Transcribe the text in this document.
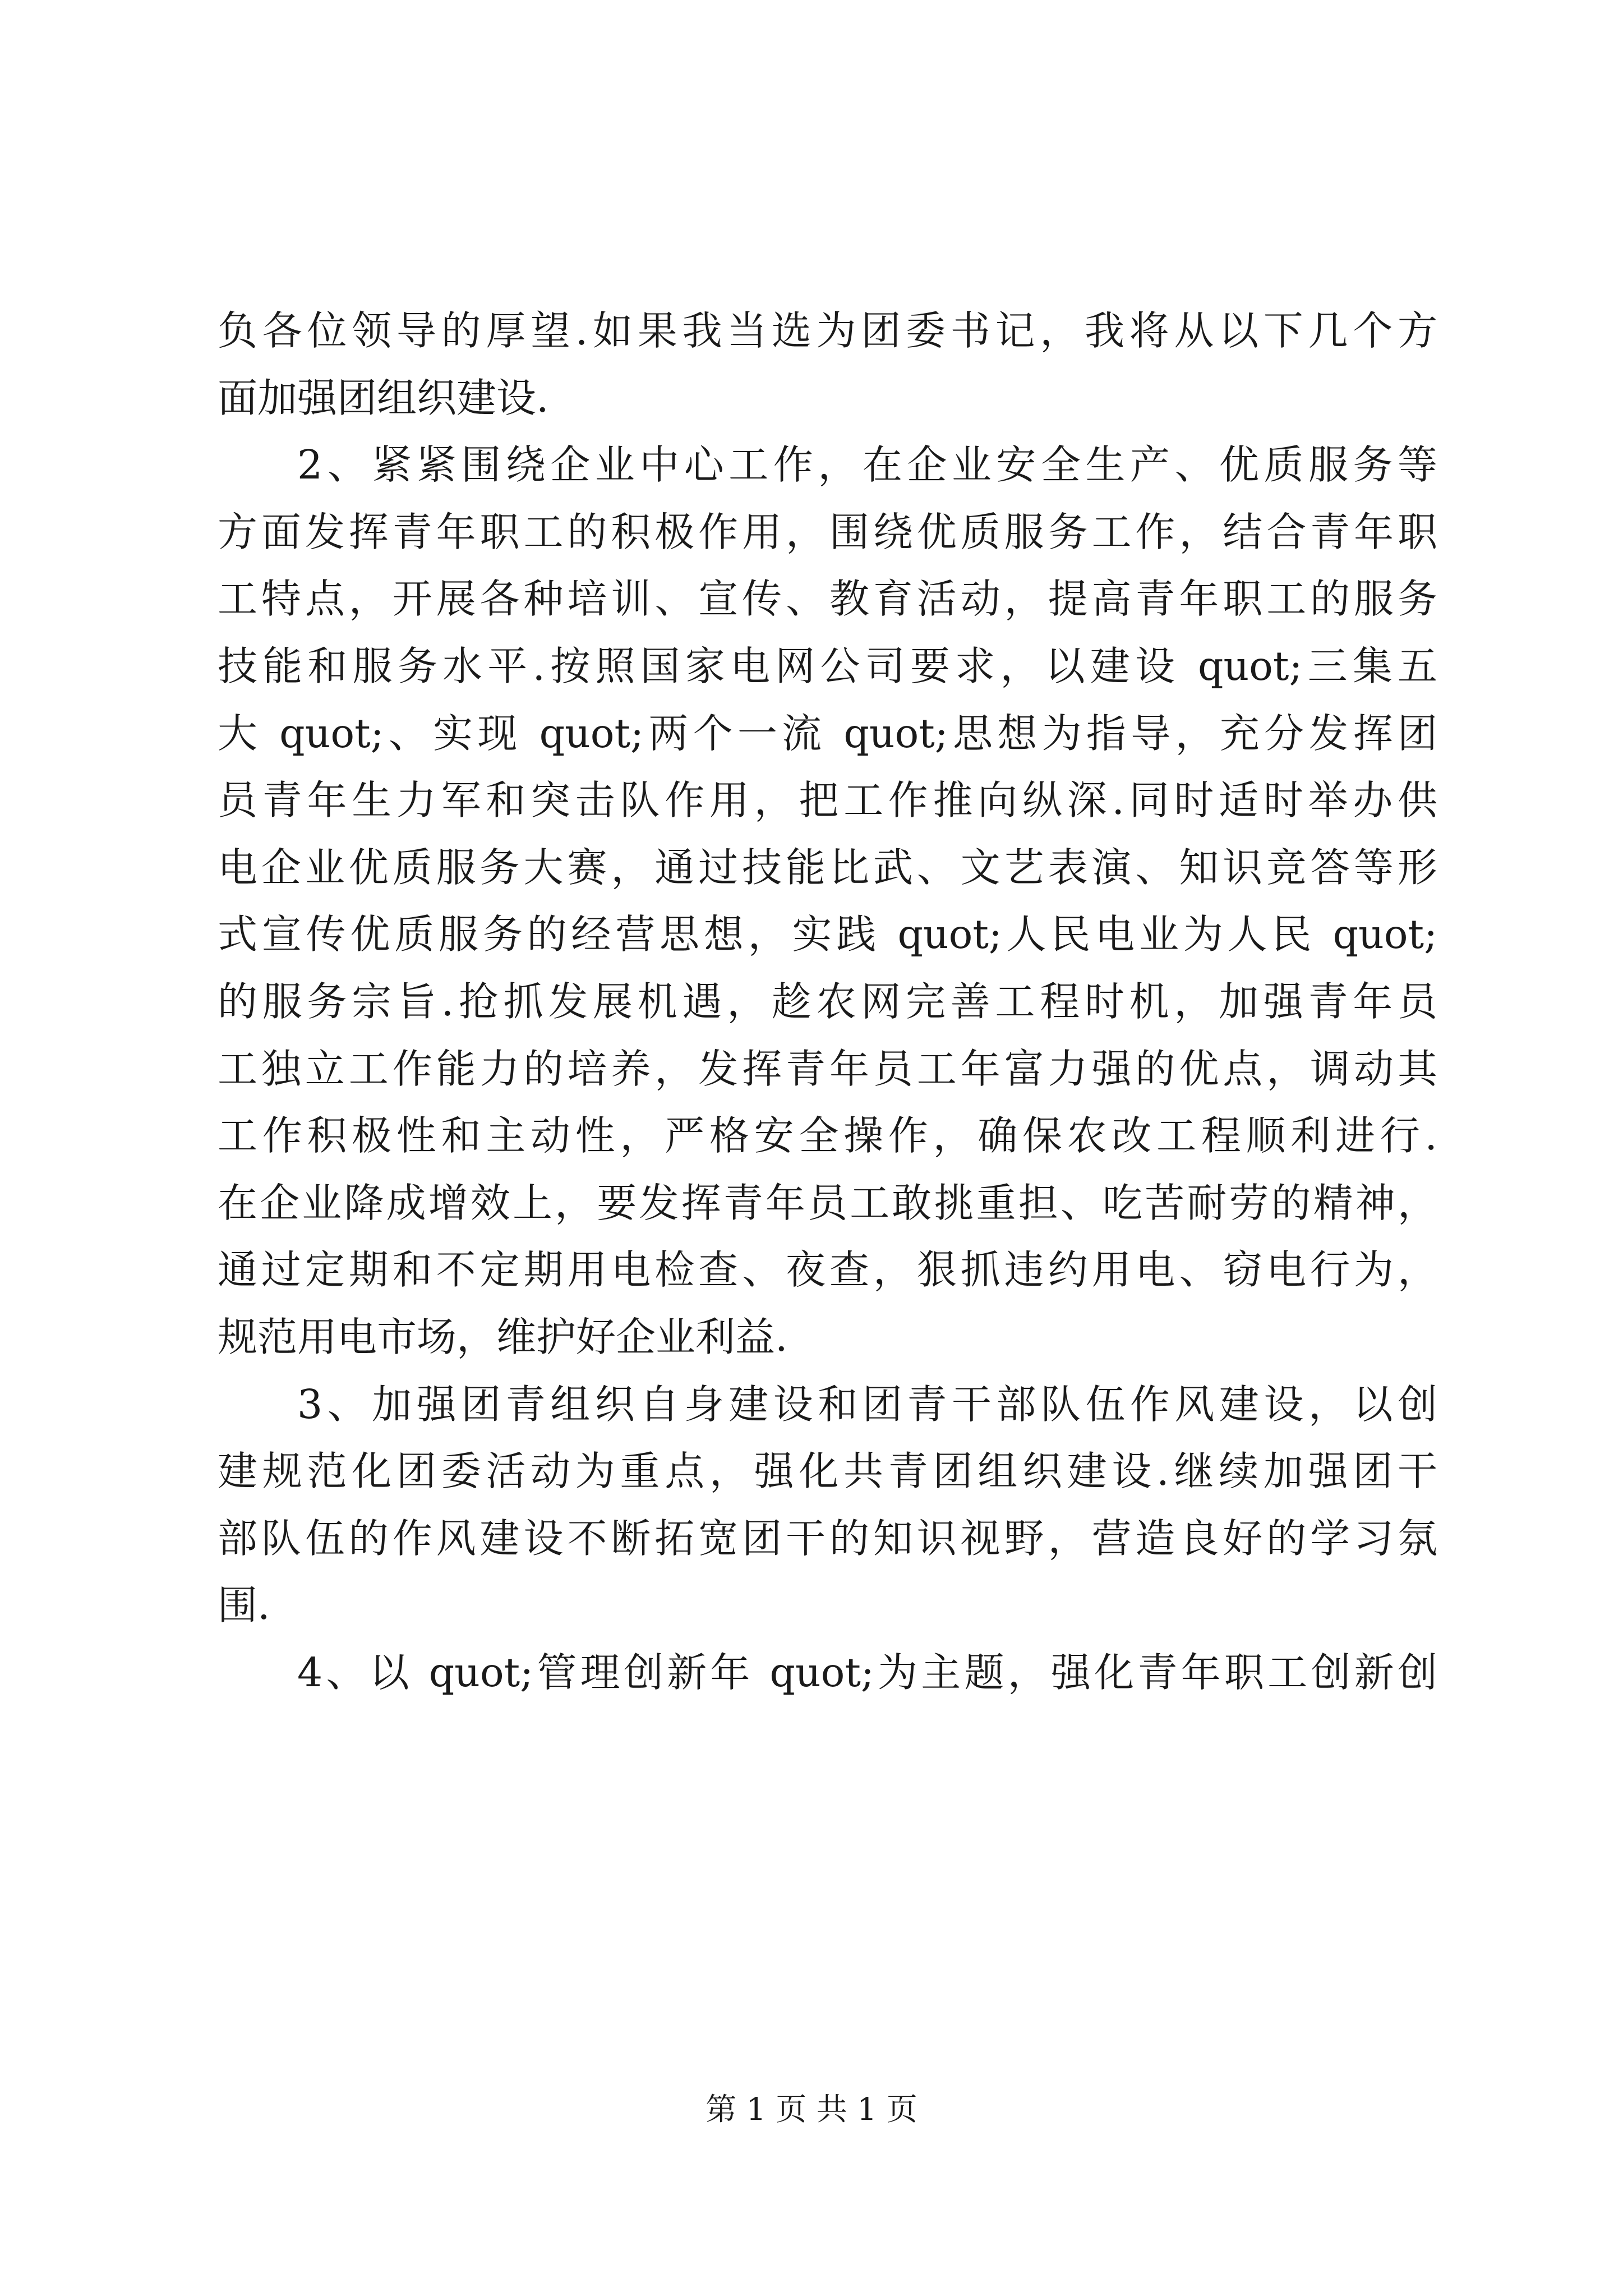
负各位领导的厚望.如果我当选为团委书记，我将从以下几个方
面加强团组织建设.
2、紧紧围绕企业中心工作，在企业安全生产、优质服务等
方面发挥青年职工的积极作用，围绕优质服务工作，结合青年职
工特点，开展各种培训、宣传、教育活动，提高青年职工的服务
技能和服务水平.按照国家电网公司要求，以建设 quot;三集五
大 quot;、实现 quot;两个一流 quot;思想为指导，充分发挥团
员青年生力军和突击队作用，把工作推向纵深.同时适时举办供
电企业优质服务大赛，通过技能比武、文艺表演、知识竞答等形
式宣传优质服务的经营思想，实践 quot;人民电业为人民 quot;
的服务宗旨.抢抓发展机遇，趁农网完善工程时机，加强青年员
工独立工作能力的培养，发挥青年员工年富力强的优点，调动其
工作积极性和主动性，严格安全操作，确保农改工程顺利进行.
在企业降成增效上，要发挥青年员工敢挑重担、吃苦耐劳的精神，
通过定期和不定期用电检查、夜查，狠抓违约用电、窃电行为，
规范用电市场，维护好企业利益.
3、加强团青组织自身建设和团青干部队伍作风建设，以创
建规范化团委活动为重点，强化共青团组织建设.继续加强团干
部队伍的作风建设不断拓宽团干的知识视野，营造良好的学习氛
围.
4、以 quot;管理创新年 quot;为主题，强化青年职工创新创
第 1 页 共 1 页
